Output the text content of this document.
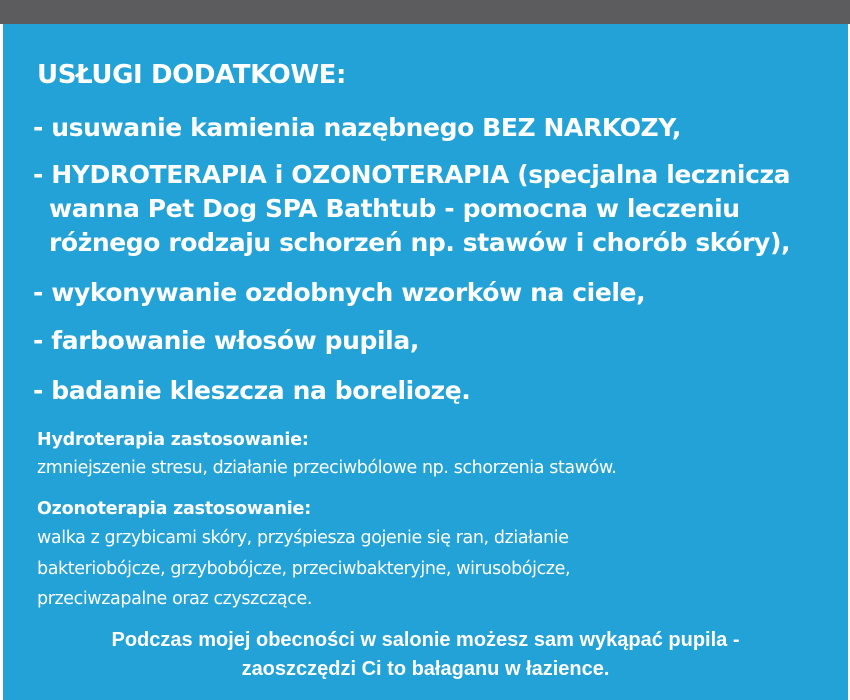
USŁUGI DODATKOWE:
- usuwanie kamienia nazębnego BEZ NARKOZY,
- HYDROTERAPIA i OZONOTERAPIA (specjalna lecznicza
wanna Pet Dog SPA Bathtub - pomocna w leczeniu
różnego rodzaju schorzeń np. stawów i chorób skóry),
- wykonywanie ozdobnych wzorków na ciele,
- farbowanie włosów pupila,
- badanie kleszcza na boreliozę.
Hydroterapia zastosowanie:
zmniejszenie stresu, działanie przeciwbólowe np. schorzenia stawów.
Ozonoterapia zastosowanie:
walka z grzybicami skóry, przyśpiesza gojenie się ran, działanie
bakteriobójcze, grzybobójcze, przeciwbakteryjne, wirusobójcze,
przeciwzapalne oraz czyszczące.
Podczas mojej obecności w salonie możesz sam wykąpać pupila -
zaoszczędzi Ci to bałaganu w łazience.
